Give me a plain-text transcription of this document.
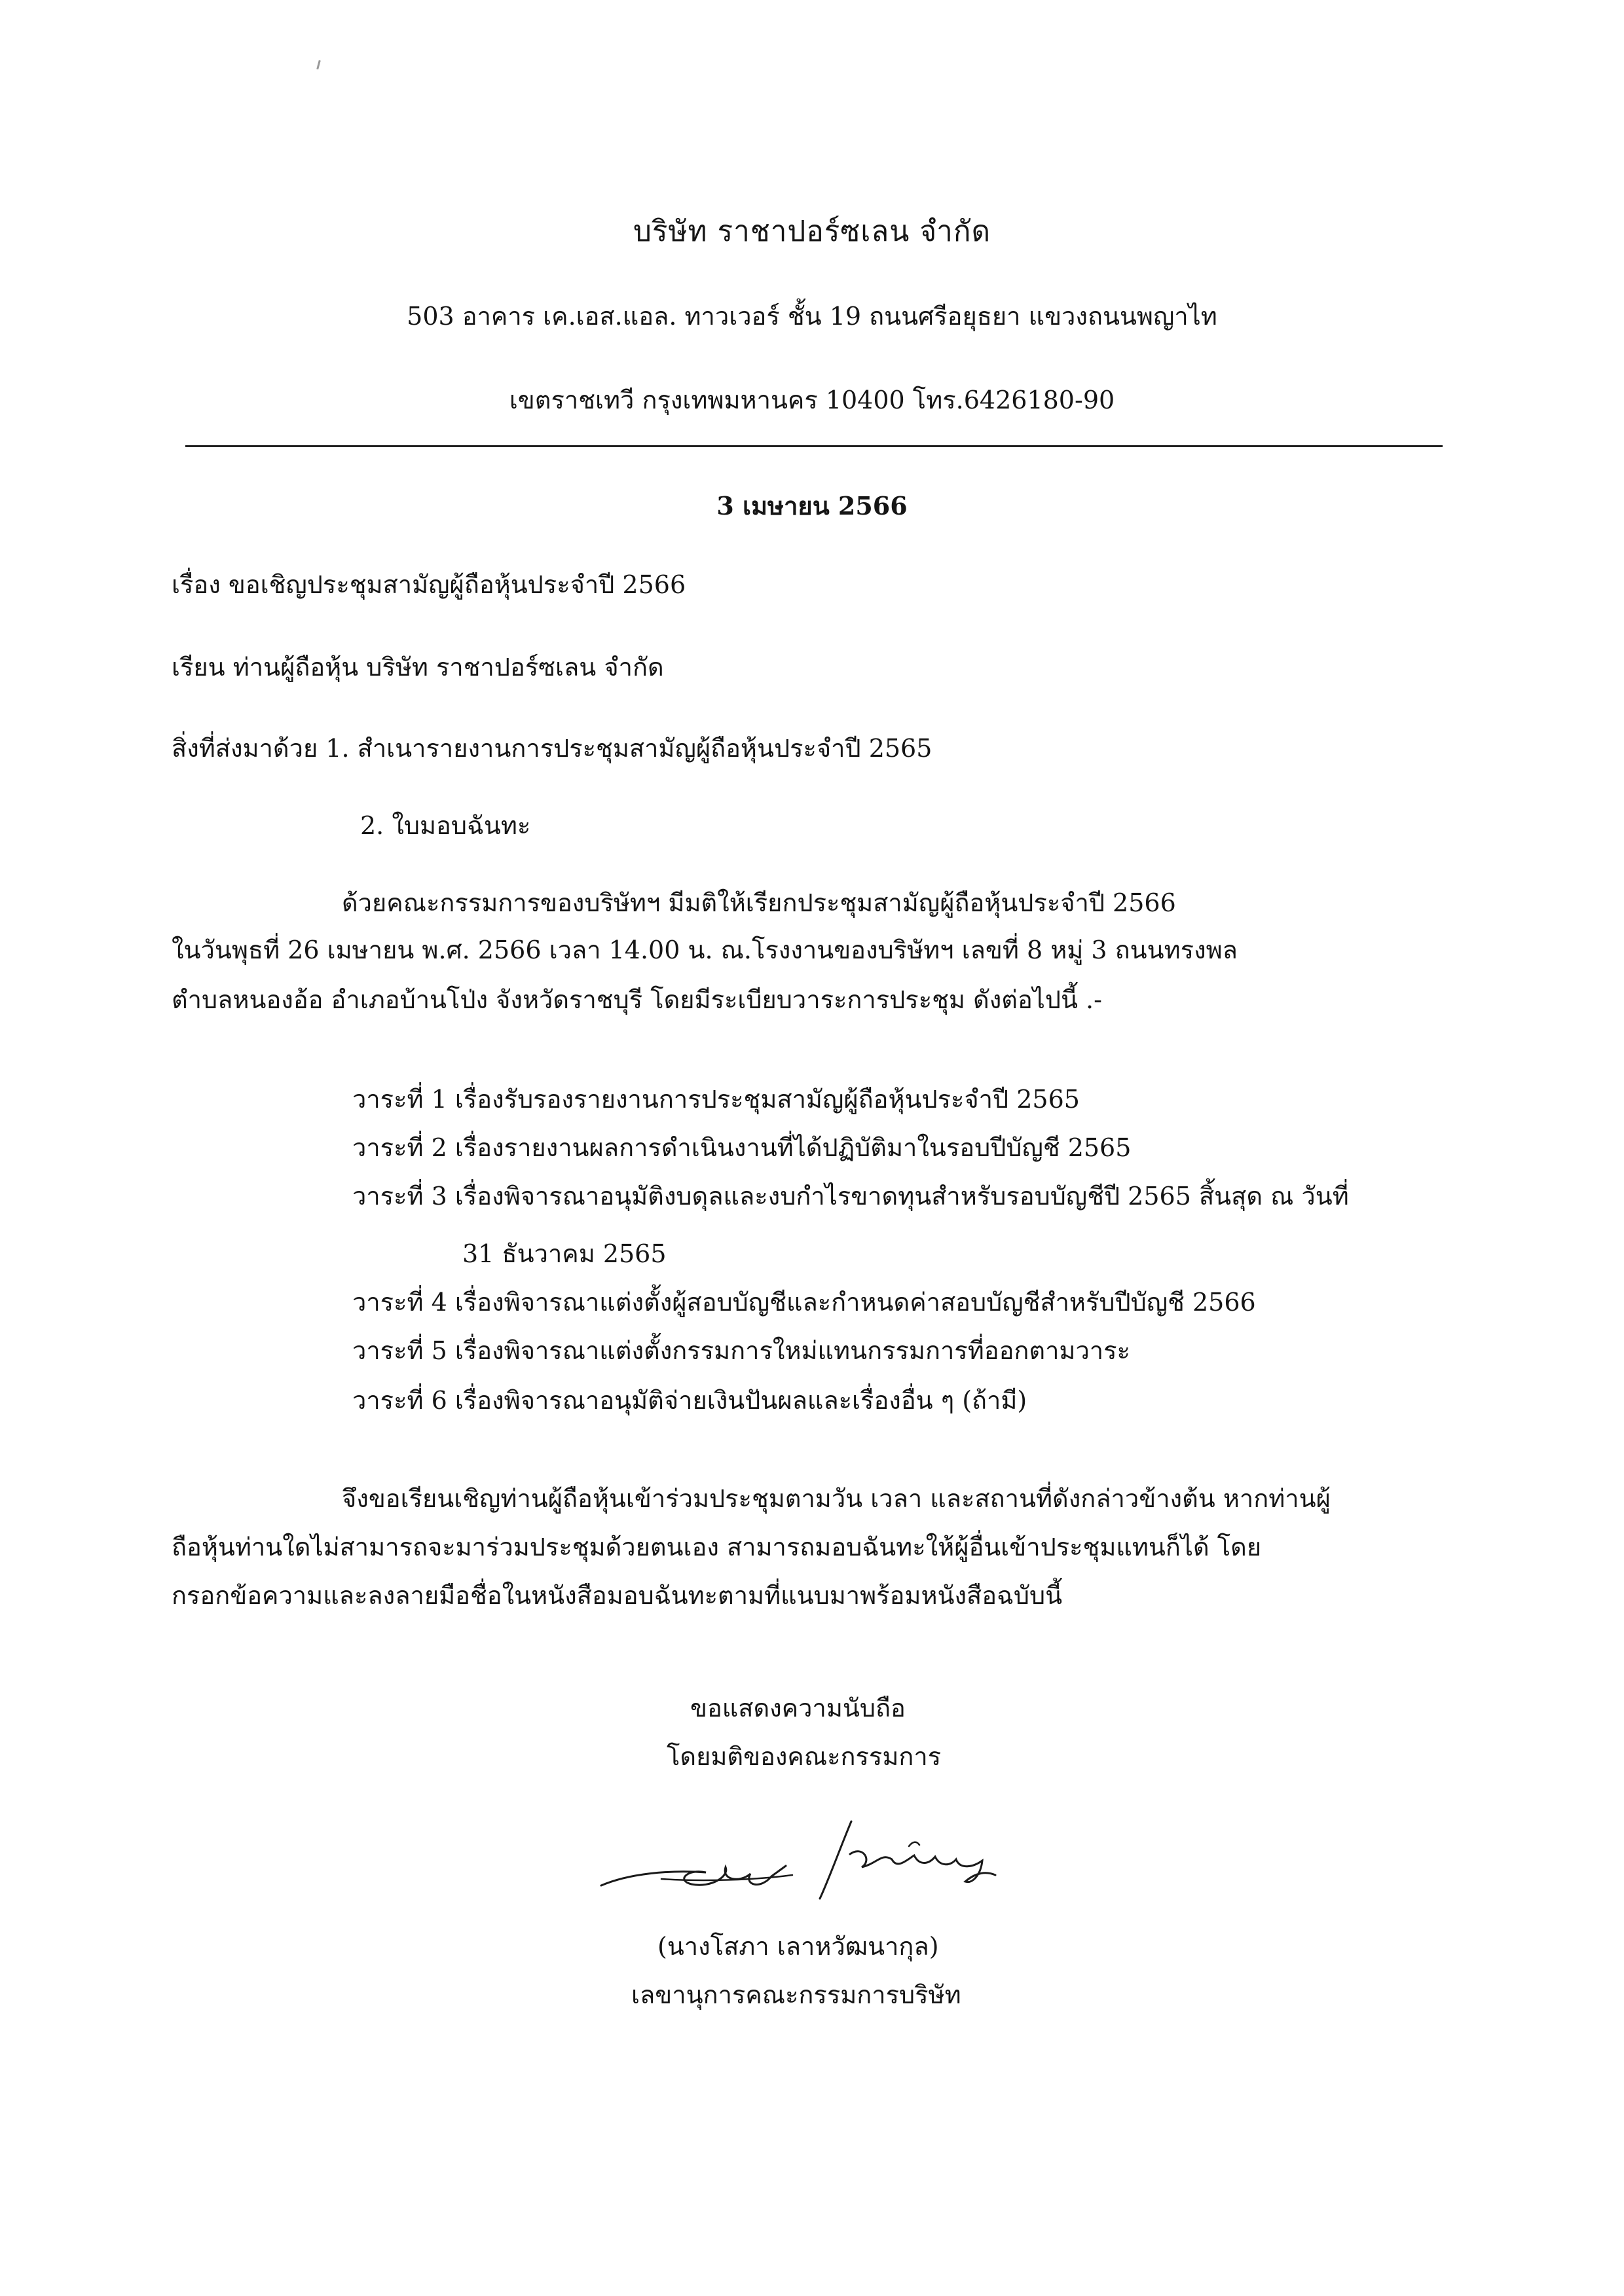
บริษัท ราชาปอร์ซเลน จำกัด
503 อาคาร เค.เอส.แอล. ทาวเวอร์ ชั้น 19 ถนนศรีอยุธยา แขวงถนนพญาไท
เขตราชเทวี กรุงเทพมหานคร 10400 โทร.6426180-90
3 เมษายน 2566
เรื่อง ขอเชิญประชุมสามัญผู้ถือหุ้นประจำปี 2566
เรียน ท่านผู้ถือหุ้น บริษัท ราชาปอร์ซเลน จำกัด
สิ่งที่ส่งมาด้วย 1. สำเนารายงานการประชุมสามัญผู้ถือหุ้นประจำปี 2565
2. ใบมอบฉันทะ
ด้วยคณะกรรมการของบริษัทฯ มีมติให้เรียกประชุมสามัญผู้ถือหุ้นประจำปี 2566
ในวันพุธที่ 26 เมษายน พ.ศ. 2566 เวลา 14.00 น. ณ.โรงงานของบริษัทฯ เลขที่ 8 หมู่ 3 ถนนทรงพล
ตำบลหนองอ้อ อำเภอบ้านโป่ง จังหวัดราชบุรี โดยมีระเบียบวาระการประชุม ดังต่อไปนี้ .-
วาระที่ 1 เรื่องรับรองรายงานการประชุมสามัญผู้ถือหุ้นประจำปี 2565
วาระที่ 2 เรื่องรายงานผลการดำเนินงานที่ได้ปฏิบัติมาในรอบปีบัญชี 2565
วาระที่ 3 เรื่องพิจารณาอนุมัติงบดุลและงบกำไรขาดทุนสำหรับรอบบัญชีปี 2565 สิ้นสุด ณ วันที่
31 ธันวาคม 2565
วาระที่ 4 เรื่องพิจารณาแต่งตั้งผู้สอบบัญชีและกำหนดค่าสอบบัญชีสำหรับปีบัญชี 2566
วาระที่ 5 เรื่องพิจารณาแต่งตั้งกรรมการใหม่แทนกรรมการที่ออกตามวาระ
วาระที่ 6 เรื่องพิจารณาอนุมัติจ่ายเงินปันผลและเรื่องอื่น ๆ (ถ้ามี)
จึงขอเรียนเชิญท่านผู้ถือหุ้นเข้าร่วมประชุมตามวัน เวลา และสถานที่ดังกล่าวข้างต้น หากท่านผู้
ถือหุ้นท่านใดไม่สามารถจะมาร่วมประชุมด้วยตนเอง สามารถมอบฉันทะให้ผู้อื่นเข้าประชุมแทนก็ได้ โดย
กรอกข้อความและลงลายมือชื่อในหนังสือมอบฉันทะตามที่แนบมาพร้อมหนังสือฉบับนี้
ขอแสดงความนับถือ
โดยมติของคณะกรรมการ
(นางโสภา เลาหวัฒนากุล)
เลขานุการคณะกรรมการบริษัท
